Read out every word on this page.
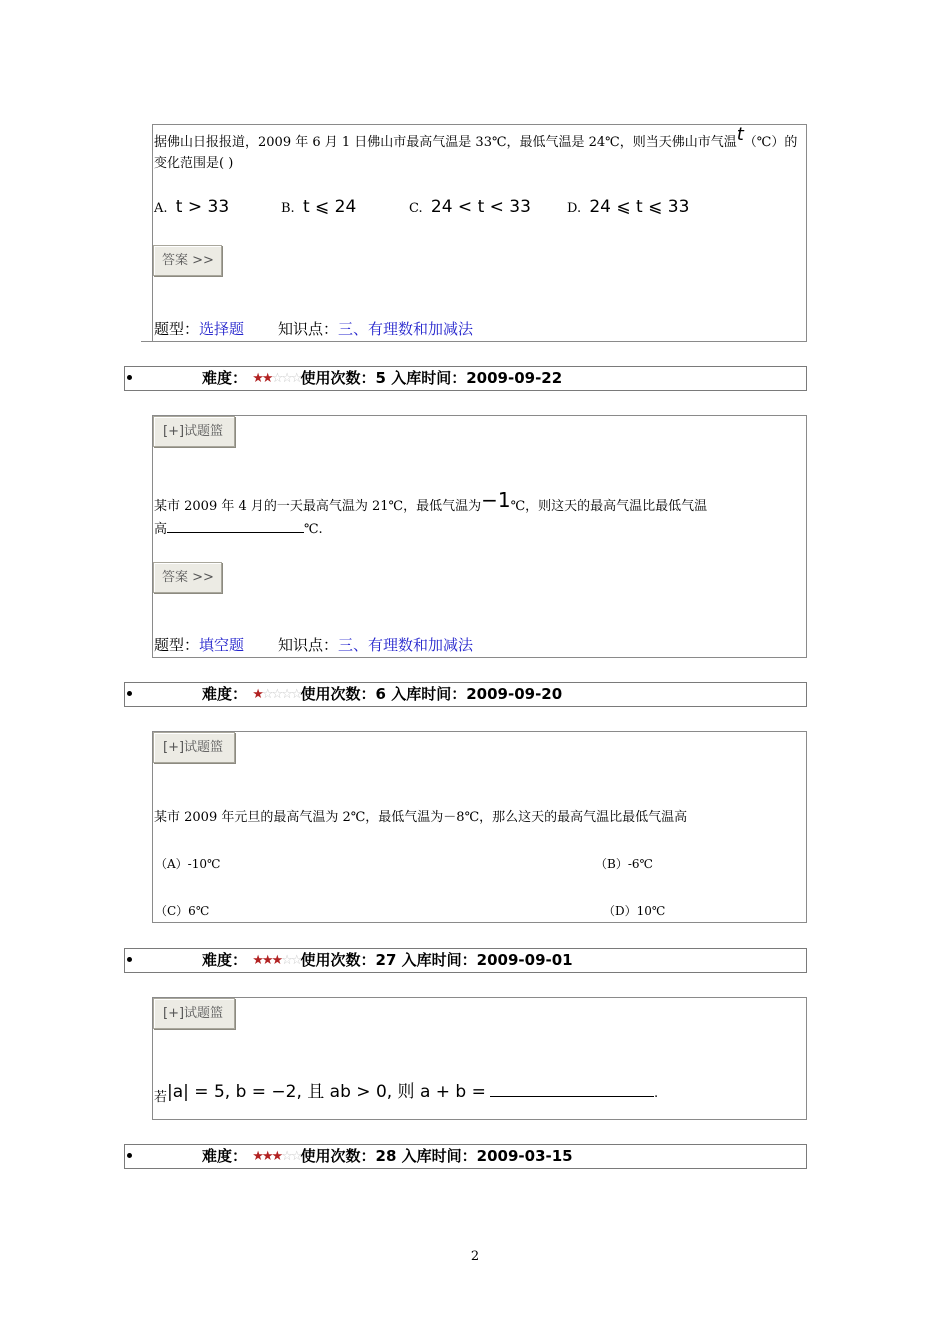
据佛山日报报道，2009 年 6 月 1 日佛山市最高气温是 33℃，最低气温是 24℃，则当天佛山市气温t（℃）的
变化范围是( )
A. t > 33	B. t ⩽ 24	C. 24 < t < 33	D. 24 ⩽ t ⩽ 33
答案 >>
题型：选择题 知识点：三、有理数和加减法
难度： ★★☆☆☆使用次数：5 入库时间：2009-09-22
[+]试题篮
某市 2009 年 4 月的一天最高气温为 21℃，最低气温为−1℃，则这天的最高气温比最低气温
高	℃.
答案 >>
题型：填空题 知识点：三、有理数和加减法
难度： ★☆☆☆☆使用次数：6 入库时间：2009-09-20
[+]试题篮
某市 2009 年元旦的最高气温为 2℃，最低气温为－8℃，那么这天的最高气温比最低气温高
（A）-10℃	（B）-6℃
（C）6℃	（D）10℃
难度： ★★★☆☆使用次数：27 入库时间：2009-09-01
[+]试题篮
若|a| = 5, b = −2, 且 ab > 0, 则 a + b =	.
难度： ★★★☆☆使用次数：28 入库时间：2009-03-15
2
